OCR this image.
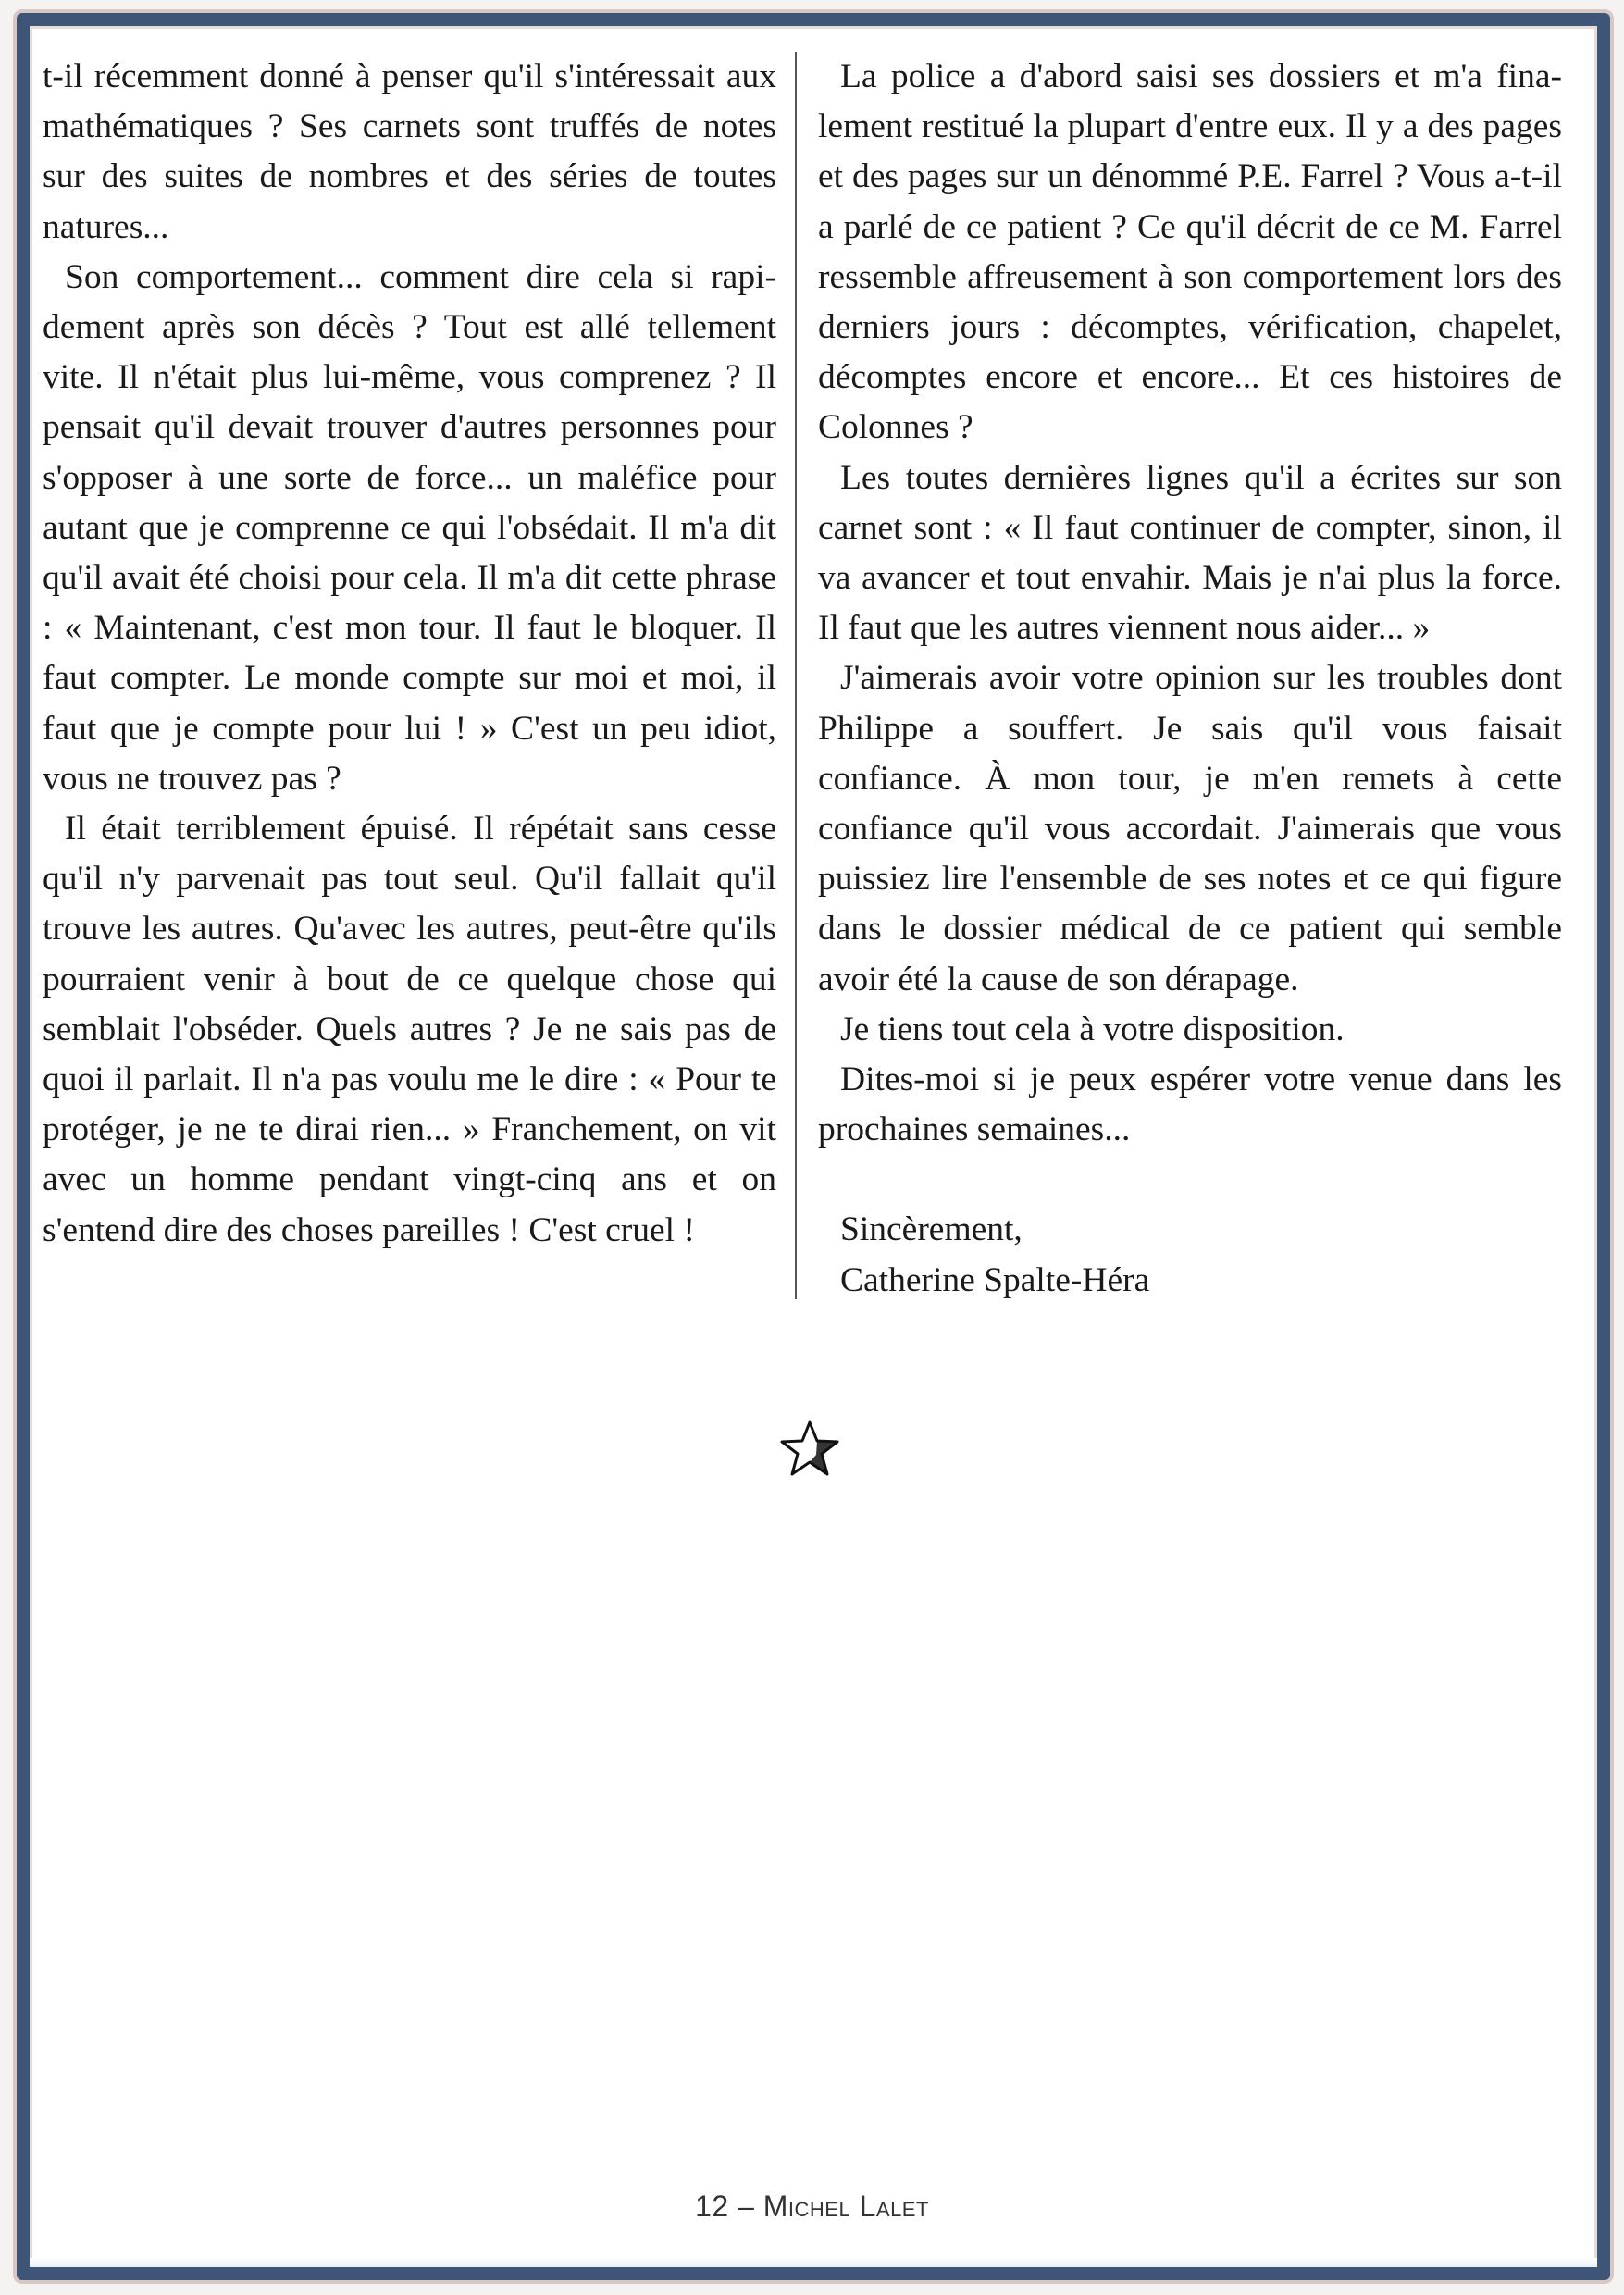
t-il récemment donné à penser qu'il s'intéressait aux mathématiques ? Ses carnets sont truffés de notes sur des suites de nombres et des séries de toutes natures...

Son comportement... comment dire cela si rapidement après son décès ? Tout est allé tellement vite. Il n'était plus lui-même, vous comprenez ? Il pensait qu'il devait trouver d'autres personnes pour s'opposer à une sorte de force... un maléfice pour autant que je comprenne ce qui l'obsédait. Il m'a dit qu'il avait été choisi pour cela. Il m'a dit cette phrase : « Maintenant, c'est mon tour. Il faut le bloquer. Il faut compter. Le monde compte sur moi et moi, il faut que je compte pour lui ! » C'est un peu idiot, vous ne trouvez pas ?

Il était terriblement épuisé. Il répétait sans cesse qu'il n'y parvenait pas tout seul. Qu'il fallait qu'il trouve les autres. Qu'avec les autres, peut-être qu'ils pourraient venir à bout de ce quelque chose qui semblait l'obséder. Quels autres ? Je ne sais pas de quoi il parlait. Il n'a pas voulu me le dire : « Pour te protéger, je ne te dirai rien... » Franchement, on vit avec un homme pendant vingt-cinq ans et on s'entend dire des choses pareilles ! C'est cruel !

La police a d'abord saisi ses dossiers et m'a finalement restitué la plupart d'entre eux. Il y a des pages et des pages sur un dénommé P.E. Farrel ? Vous a-t-il a parlé de ce patient ? Ce qu'il décrit de ce M. Farrel ressemble affreusement à son comportement lors des derniers jours : décomptes, vérification, chapelet, décomptes encore et encore... Et ces histoires de Colonnes ?

Les toutes dernières lignes qu'il a écrites sur son carnet sont : « Il faut continuer de compter, sinon, il va avancer et tout envahir. Mais je n'ai plus la force. Il faut que les autres viennent nous aider... »

J'aimerais avoir votre opinion sur les troubles dont Philippe a souffert. Je sais qu'il vous faisait confiance. À mon tour, je m'en remets à cette confiance qu'il vous accordait. J'aimerais que vous puissiez lire l'ensemble de ses notes et ce qui figure dans le dossier médical de ce patient qui semble avoir été la cause de son dérapage.

Je tiens tout cela à votre disposition.

Dites-moi si je peux espérer votre venue dans les prochaines semaines...

Sincèrement,

Catherine Spalte-Héra

12 – Michel Lalet
